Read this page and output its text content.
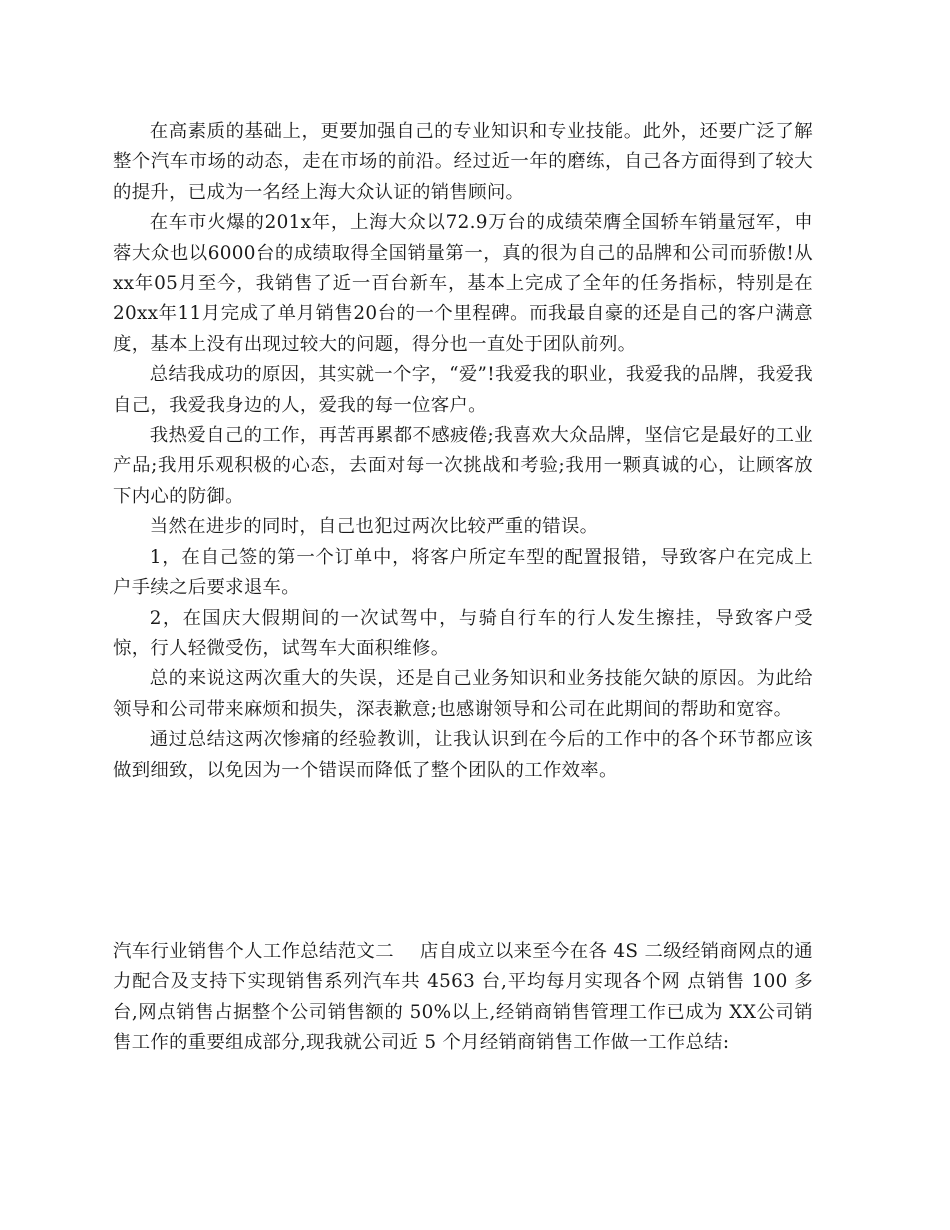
在高素质的基础上，更要加强自己的专业知识和专业技能。此外，还要广泛了解整个汽车市场的动态，走在市场的前沿。经过近一年的磨练，自己各方面得到了较大的提升，已成为一名经上海大众认证的销售顾问。

在车市火爆的201x年，上海大众以72.9万台的成绩荣膺全国轿车销量冠军，申蓉大众也以6000台的成绩取得全国销量第一，真的很为自己的品牌和公司而骄傲!从xx年05月至今，我销售了近一百台新车，基本上完成了全年的任务指标，特别是在20xx年11月完成了单月销售20台的一个里程碑。而我最自豪的还是自己的客户满意度，基本上没有出现过较大的问题，得分也一直处于团队前列。

总结我成功的原因，其实就一个字，“爱”!我爱我的职业，我爱我的品牌，我爱我自己，我爱我身边的人，爱我的每一位客户。

我热爱自己的工作，再苦再累都不感疲倦;我喜欢大众品牌，坚信它是最好的工业产品;我用乐观积极的心态，去面对每一次挑战和考验;我用一颗真诚的心，让顾客放下内心的防御。

当然在进步的同时，自己也犯过两次比较严重的错误。

1，在自己签的第一个订单中，将客户所定车型的配置报错，导致客户在完成上户手续之后要求退车。

2，在国庆大假期间的一次试驾中，与骑自行车的行人发生擦挂，导致客户受惊，行人轻微受伤，试驾车大面积维修。

总的来说这两次重大的失误，还是自己业务知识和业务技能欠缺的原因。为此给领导和公司带来麻烦和损失，深表歉意;也感谢领导和公司在此期间的帮助和宽容。

通过总结这两次惨痛的经验教训，让我认识到在今后的工作中的各个环节都应该做到细致，以免因为一个错误而降低了整个团队的工作效率。

汽车行业销售个人工作总结范文二 店自成立以来至今在各 4S 二级经销商网点的通力配合及支持下实现销售系列汽车共 4563 台,平均每月实现各个网 点销售 100 多台,网点销售占据整个公司销售额的 50%以上,经销商销售管理工作已成为 XX公司销售工作的重要组成部分,现我就公司近 5 个月经销商销售工作做一工作总结:
